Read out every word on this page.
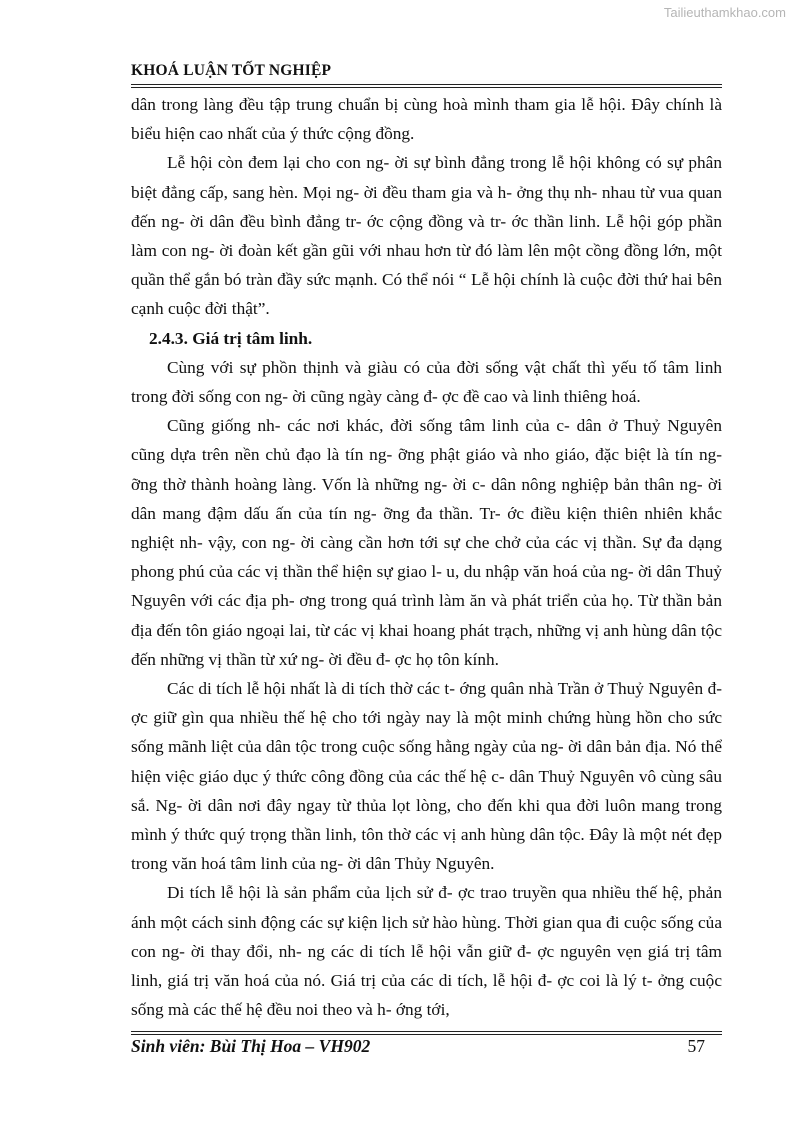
Tailieuthamkhao.com
KHOÁ LUẬN TỐT NGHIỆP

dân trong làng đều tập trung chuẩn bị cùng hoà mình tham gia lễ hội. Đây chính là biểu hiện cao nhất của ý thức cộng đồng.

Lễ hội còn đem lại cho con ng- ời sự bình đẳng trong lễ hội không có sự phân biệt đẳng cấp, sang hèn. Mọi ng- ời đều tham gia và h- ởng thụ nh- nhau từ vua quan đến ng- ời dân đều bình đẳng tr- ớc cộng đồng và tr- ớc thần linh. Lễ hội góp phần làm con ng- ời đoàn kết gần gũi với nhau hơn từ đó làm lên một cồng đồng lớn, một quần thể gắn bó tràn đầy sức mạnh. Có thể nói “ Lễ hội chính là cuộc đời thứ hai bên cạnh cuộc đời thật”.

2.4.3. Giá trị tâm linh.

Cùng với sự phồn thịnh và giàu có của đời sống vật chất thì yếu tố tâm linh trong đời sống con ng- ời cũng ngày càng đ- ợc đề cao và linh thiêng hoá.

Cũng giống nh- các nơi khác, đời sống tâm linh của c- dân ở Thuỷ Nguyên cũng dựa trên nền chủ đạo là tín ng- ỡng phật giáo và nho giáo, đặc biệt là tín ng- ỡng thờ thành hoàng làng. Vốn là những ng- ời c- dân nông nghiệp bản thân ng- ời dân mang đậm dấu ấn của tín ng- ỡng đa thần. Tr- ớc điều kiện thiên nhiên khắc nghiệt nh- vậy, con ng- ời càng cần hơn tới sự che chở của các vị thần. Sự đa dạng phong phú của các vị thần thể hiện sự giao l- u, du nhập văn hoá của ng- ời dân Thuỷ Nguyên với các địa ph- ơng trong quá trình làm ăn và phát triển của họ. Từ thần bản địa đến tôn giáo ngoại lai, từ các vị khai hoang phát trạch, những vị anh hùng dân tộc đến những vị thần từ xứ ng- ời đều đ- ợc họ tôn kính.

Các di tích lễ hội nhất là di tích thờ các t- ớng quân nhà Trần ở Thuỷ Nguyên đ- ợc giữ gìn qua nhiều thế hệ cho tới ngày nay là một minh chứng hùng hồn cho sức sống mãnh liệt của dân tộc trong cuộc sống hằng ngày của ng- ời dân bản địa. Nó thể hiện việc giáo dục ý thức công đồng của các thế hệ c- dân Thuỷ Nguyên vô cùng sâu sắ. Ng- ời dân nơi đây ngay từ thủa lọt lòng, cho đến khi qua đời luôn mang trong mình ý thức quý trọng thần linh, tôn thờ các vị anh hùng dân tộc. Đây là một nét đẹp trong văn hoá tâm linh của ng- ời dân Thủy Nguyên.

Di tích lễ hội là sản phẩm của lịch sử đ- ợc trao truyền qua nhiều thế hệ, phản ánh một cách sinh động các sự kiện lịch sử hào hùng. Thời gian qua đi cuộc sống của con ng- ời thay đổi, nh- ng các di tích lễ hội vẫn giữ đ- ợc nguyên vẹn giá trị tâm linh, giá trị văn hoá của nó. Giá trị của các di tích, lễ hội đ- ợc coi là lý t- ởng cuộc sống mà các thế hệ đều noi theo và h- ớng tới,

Sinh viên: Bùi Thị Hoa – VH902	57
